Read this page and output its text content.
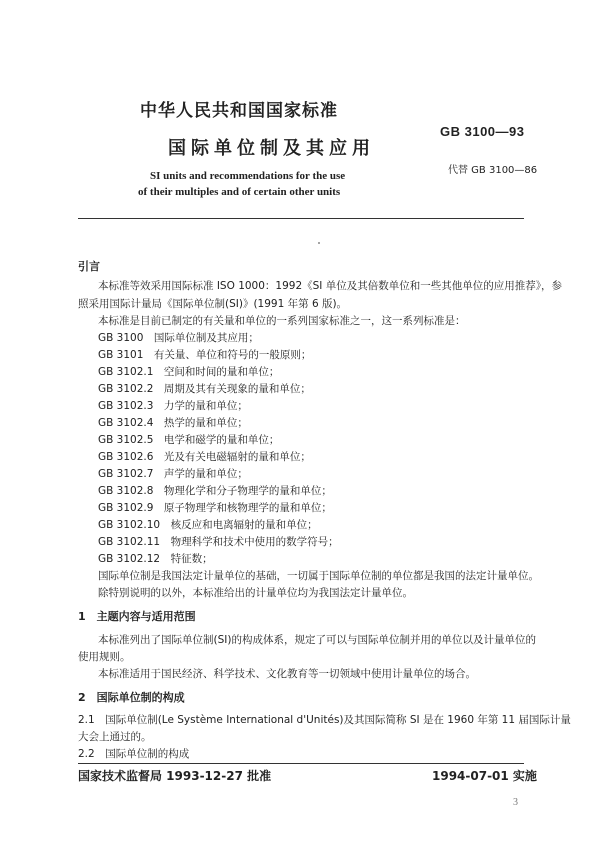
中华人民共和国国家标准
国际单位制及其应用
SI units and recommendations for the use
of their multiples and of certain other units
GB 3100—93
代替 GB 3100—86
引言
本标准等效采用国际标准 ISO 1000：1992《SI 单位及其倍数单位和一些其他单位的应用推荐》，参
照采用国际计量局《国际单位制(SI)》(1991 年第 6 版)。
本标准是目前已制定的有关量和单位的一系列国家标准之一，这一系列标准是：
GB 3100　 国际单位制及其应用；
GB 3101　 有关量、单位和符号的一般原则；
GB 3102.1　 空间和时间的量和单位；
GB 3102.2　 周期及其有关现象的量和单位；
GB 3102.3　 力学的量和单位；
GB 3102.4　 热学的量和单位；
GB 3102.5　 电学和磁学的量和单位；
GB 3102.6　 光及有关电磁辐射的量和单位；
GB 3102.7　 声学的量和单位；
GB 3102.8　 物理化学和分子物理学的量和单位；
GB 3102.9　 原子物理学和核物理学的量和单位；
GB 3102.10　 核反应和电离辐射的量和单位；
GB 3102.11　 物理科学和技术中使用的数学符号；
GB 3102.12　 特征数；
国际单位制是我国法定计量单位的基础，一切属于国际单位制的单位都是我国的法定计量单位。
除特别说明的以外，本标准给出的计量单位均为我国法定计量单位。
1　主题内容与适用范围
本标准列出了国际单位制(SI)的构成体系，规定了可以与国际单位制并用的单位以及计量单位的
使用规则。
本标准适用于国民经济、科学技术、文化教育等一切领域中使用计量单位的场合。
2　国际单位制的构成
2.1　国际单位制(Le Système International d'Unités)及其国际简称 SI 是在 1960 年第 11 届国际计量
大会上通过的。
2.2　国际单位制的构成
国家技术监督局 1993-12-27 批准	1994-07-01 实施
3
